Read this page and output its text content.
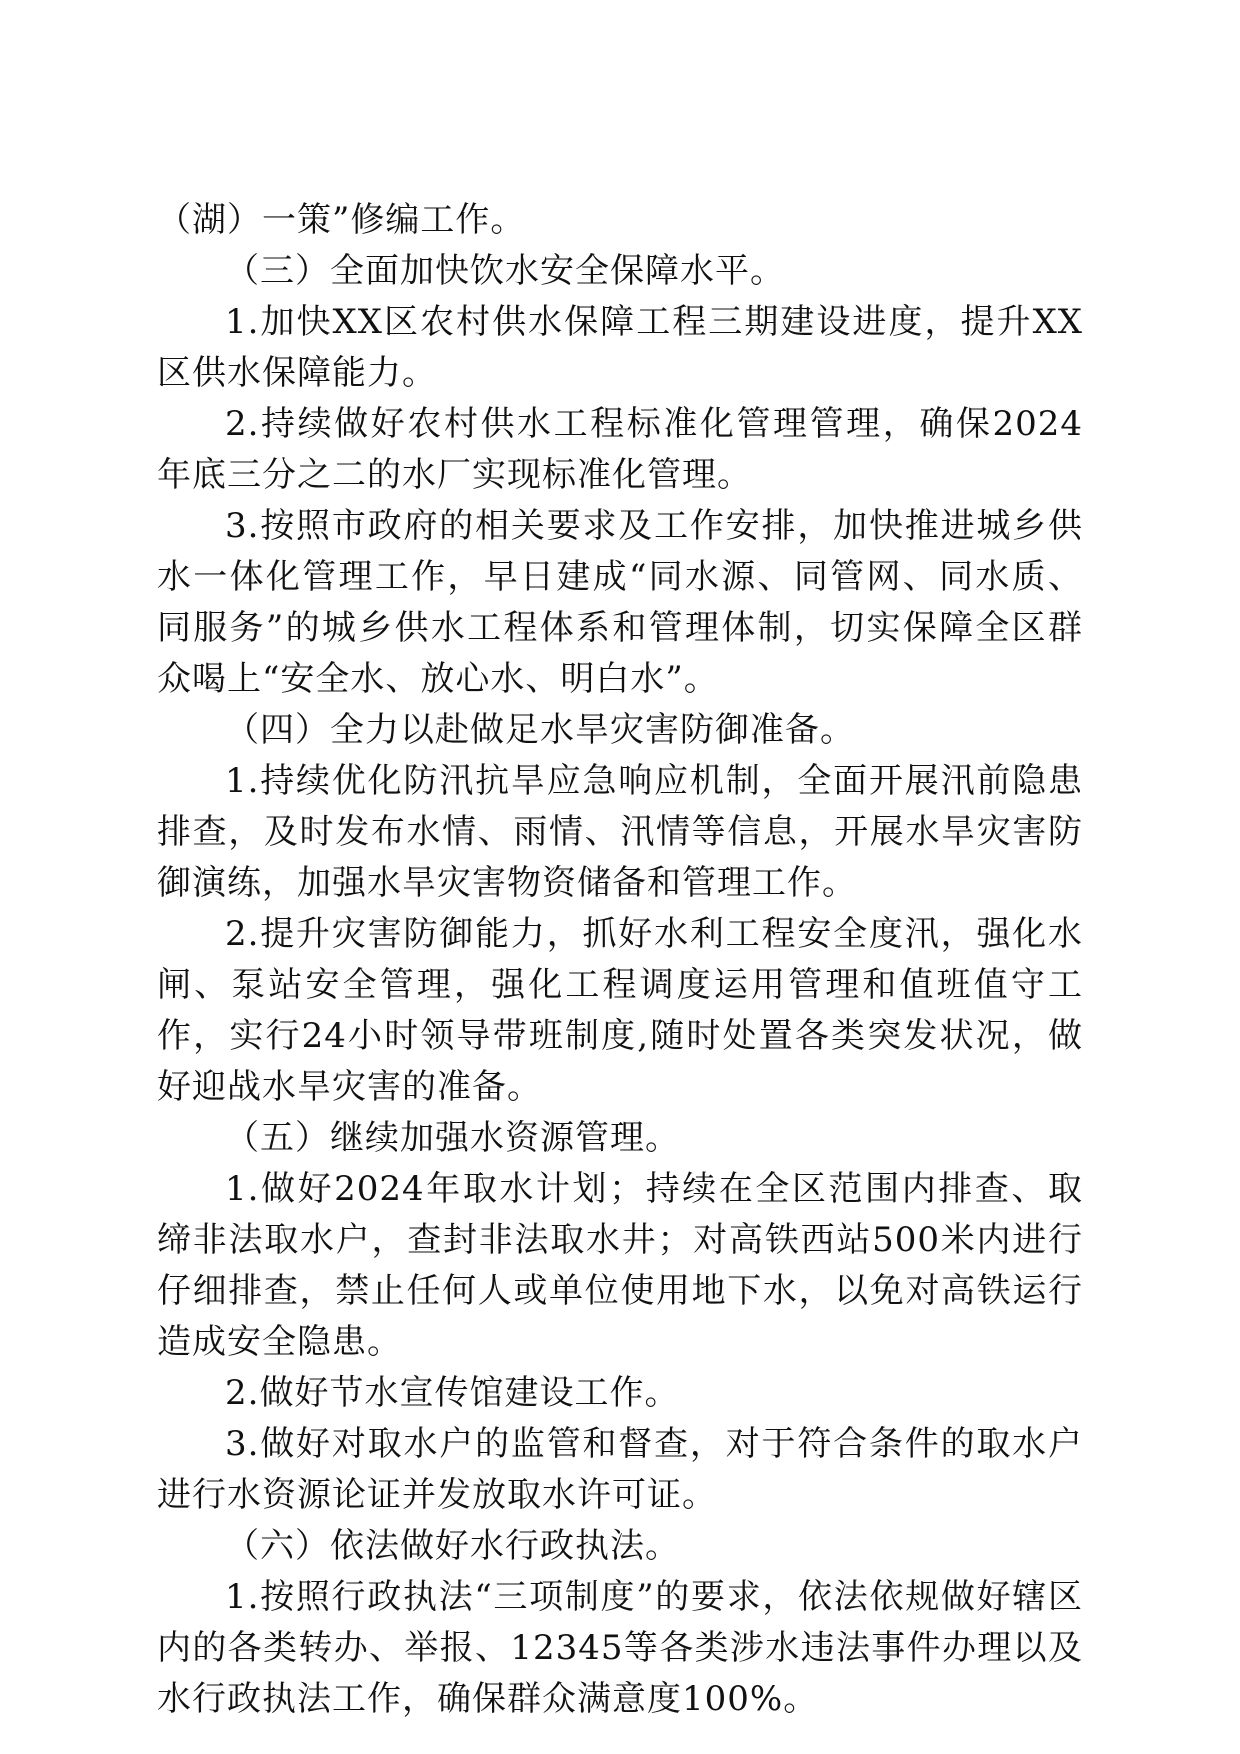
（湖）一策”修编工作。

（三）全面加快饮水安全保障水平。

1.加快XX区农村供水保障工程三期建设进度，提升XX区供水保障能力。

2.持续做好农村供水工程标准化管理管理，确保2024年底三分之二的水厂实现标准化管理。

3.按照市政府的相关要求及工作安排，加快推进城乡供水一体化管理工作，早日建成“同水源、同管网、同水质、同服务”的城乡供水工程体系和管理体制，切实保障全区群众喝上“安全水、放心水、明白水”。

（四）全力以赴做足水旱灾害防御准备。

1.持续优化防汛抗旱应急响应机制，全面开展汛前隐患排查，及时发布水情、雨情、汛情等信息，开展水旱灾害防御演练，加强水旱灾害物资储备和管理工作。

2.提升灾害防御能力，抓好水利工程安全度汛，强化水闸、泵站安全管理，强化工程调度运用管理和值班值守工作，实行24小时领导带班制度,随时处置各类突发状况，做好迎战水旱灾害的准备。

（五）继续加强水资源管理。

1.做好2024年取水计划；持续在全区范围内排查、取缔非法取水户，查封非法取水井；对高铁西站500米内进行仔细排查，禁止任何人或单位使用地下水，以免对高铁运行造成安全隐患。

2.做好节水宣传馆建设工作。

3.做好对取水户的监管和督查，对于符合条件的取水户进行水资源论证并发放取水许可证。

（六）依法做好水行政执法。

1.按照行政执法“三项制度”的要求，依法依规做好辖区内的各类转办、举报、12345等各类涉水违法事件办理以及水行政执法工作，确保群众满意度100%。
